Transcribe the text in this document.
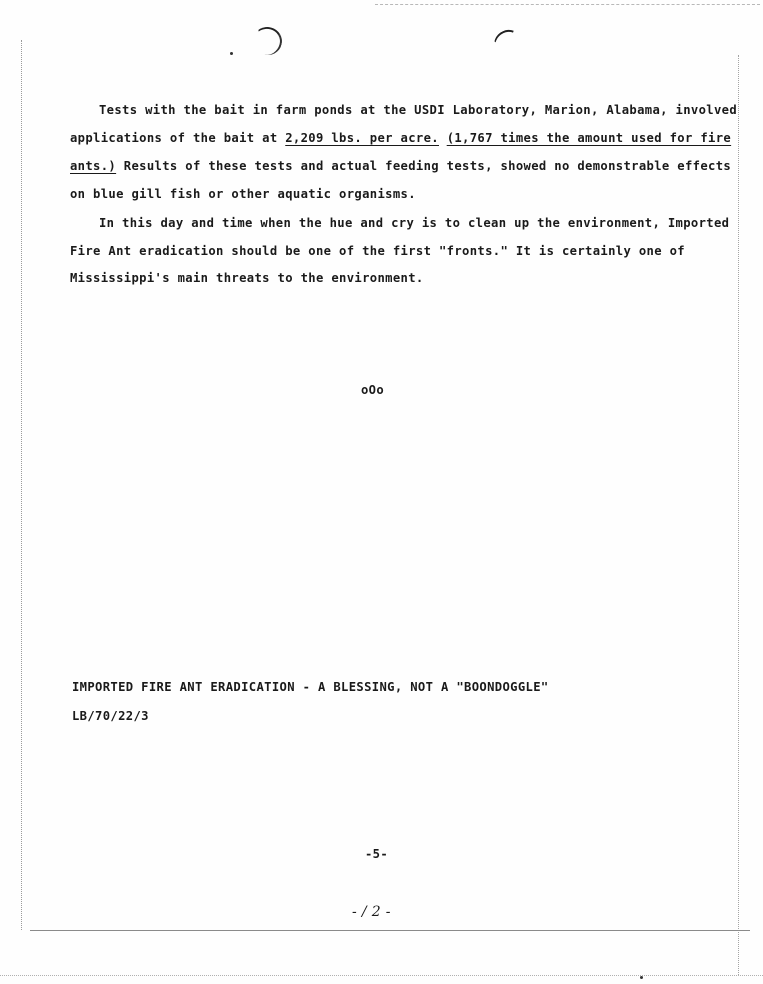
Tests with the bait in farm ponds at the USDI Laboratory, Marion, Alabama, involved
applications of the bait at 2,209 lbs. per acre. (1,767 times the amount used for fire
ants.) Results of these tests and actual feeding tests, showed no demonstrable effects
on blue gill fish or other aquatic organisms.
In this day and time when the hue and cry is to clean up the environment, Imported
Fire Ant eradication should be one of the first "fronts." It is certainly one of
Mississippi's main threats to the environment.
oOo
IMPORTED FIRE ANT ERADICATION - A BLESSING, NOT A "BOONDOGGLE"
LB/70/22/3
-5-
- / 2 -
